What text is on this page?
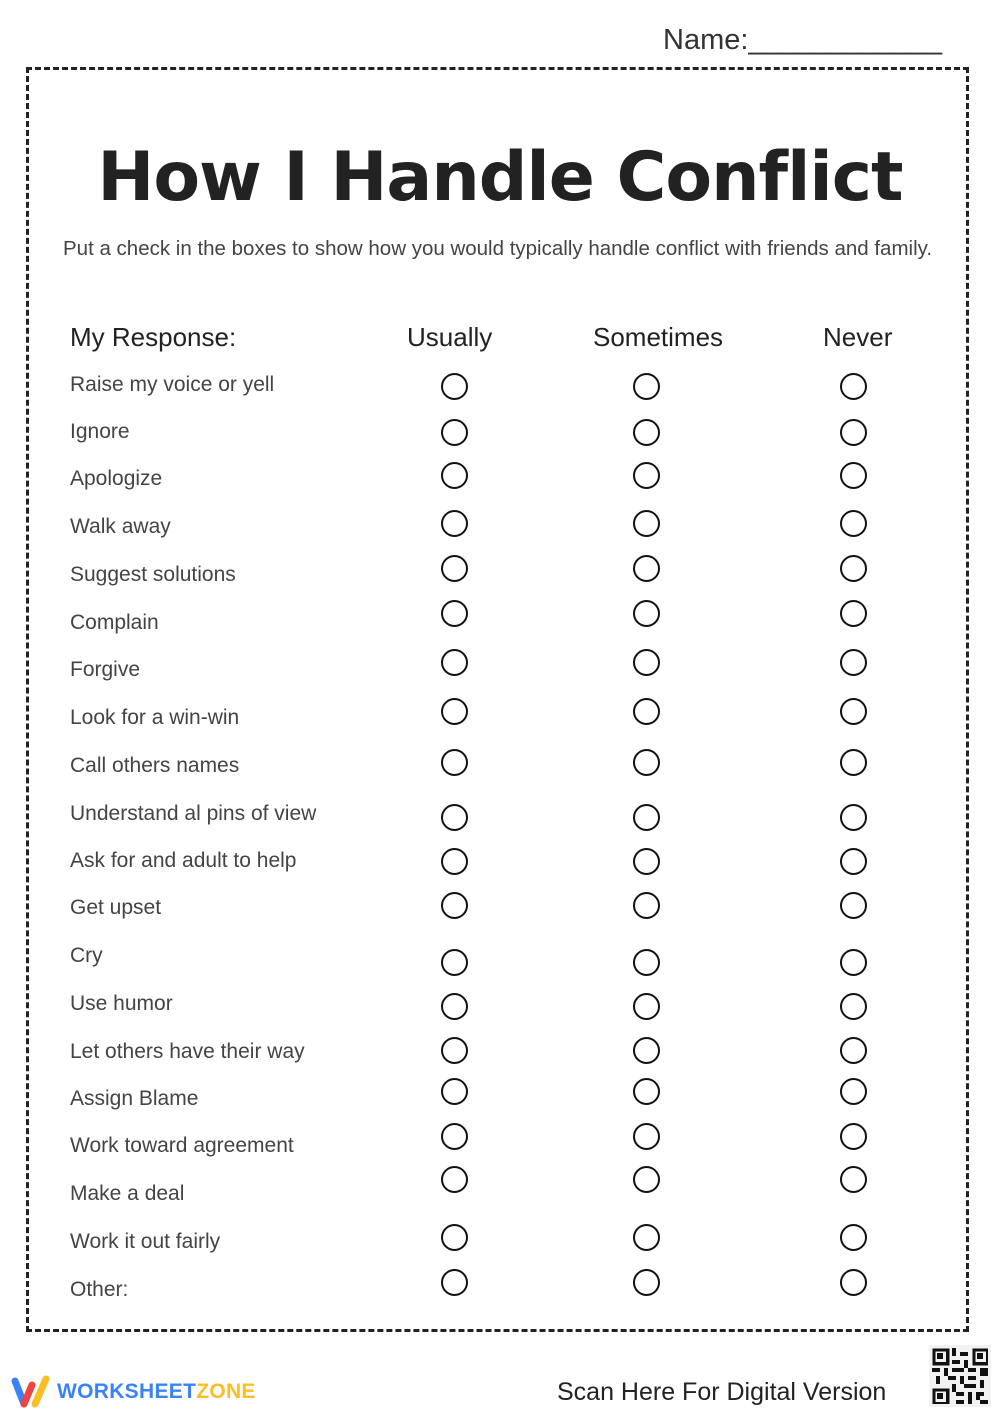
Name:____________
How I Handle Conflict
Put a check in the boxes to show how you would typically handle conflict with friends and family.
My Response:	Usually	Sometimes	Never
Raise my voice or yell
Ignore
Apologize
Walk away
Suggest solutions
Complain
Forgive
Look for a win-win
Call others names
Understand al pins of view
Ask for and adult to help
Get upset
Cry
Use humor
Let others have their way
Assign Blame
Work toward agreement
Make a deal
Work it out fairly
Other:
WORKSHEETZONE	Scan Here For Digital Version
